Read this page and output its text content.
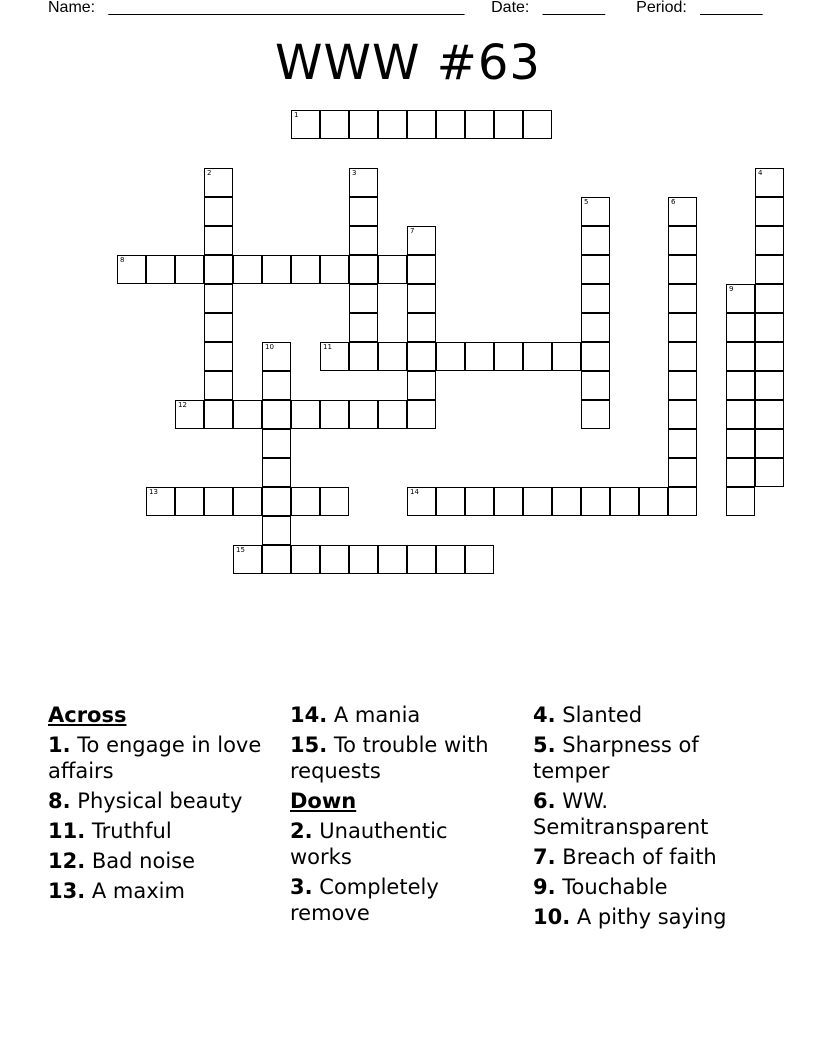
Name: ________________________________________ Date: _______ Period: _______
WWW #63
1
2	3	4
5	6
7
8
9
10	11
12
13	14
15
Across
1. To engage in love affairs
8. Physical beauty
11. Truthful
12. Bad noise
13. A maxim
14. A mania
15. To trouble with requests
Down
2. Unauthentic works
3. Completely remove
4. Slanted
5. Sharpness of temper
6. WW. Semitransparent
7. Breach of faith
9. Touchable
10. A pithy saying
